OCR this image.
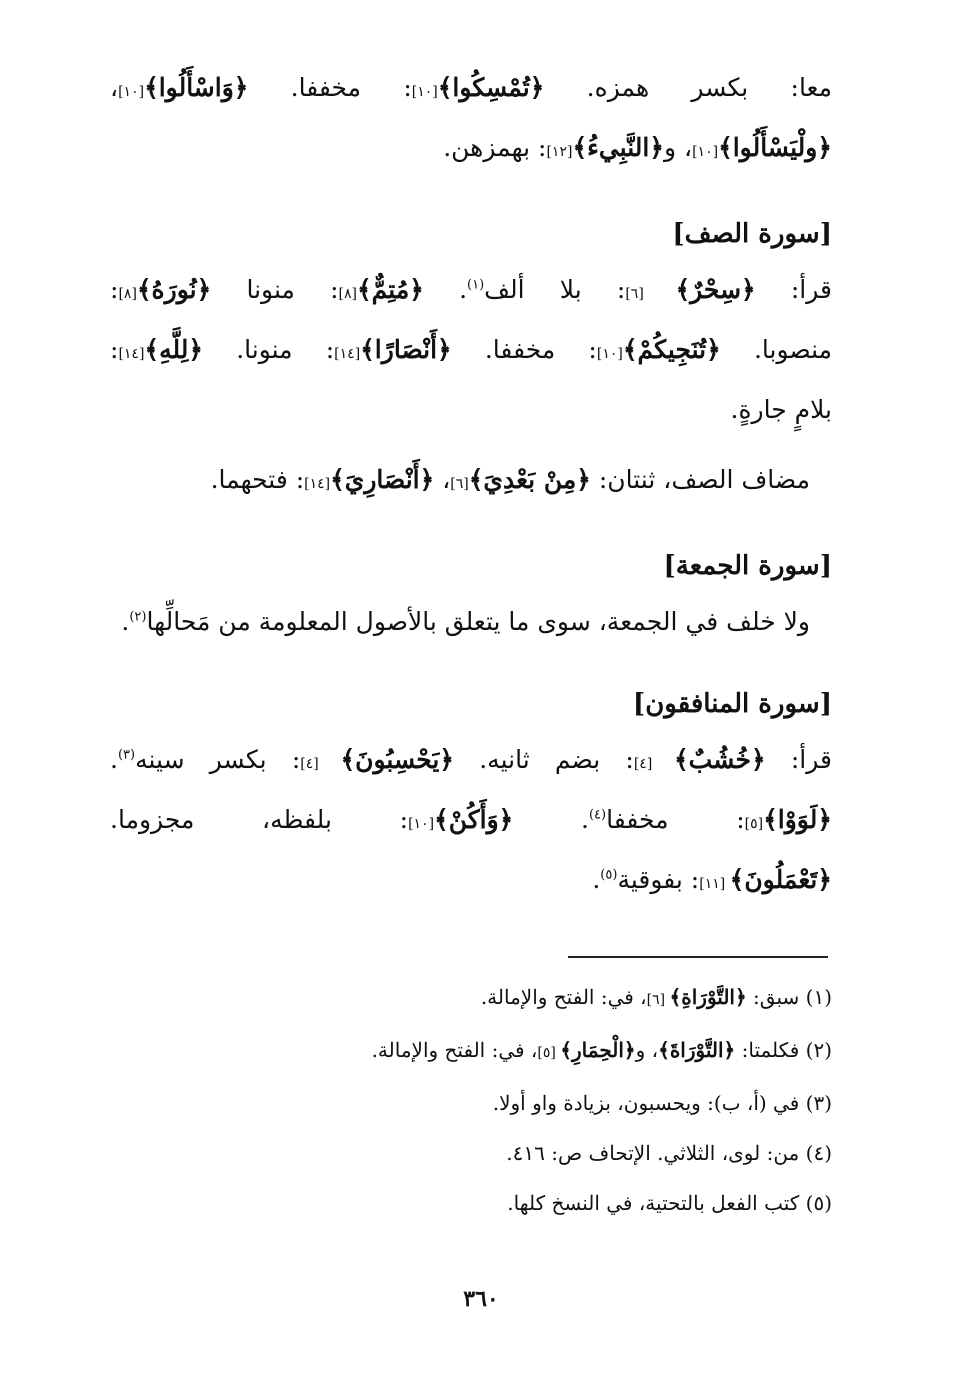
معا: بكسر همزه. ﴿تُمْسِكُوا﴾[١٠]: مخففا. ﴿وَاسْأَلُوا﴾[١٠]،
﴿ولْيَسْأَلُوا﴾[١٠]، و﴿النَّبِيءُ﴾[١٢]: بهمزهن.
[سورة الصف]
قرأ: ﴿سِحْرٌ﴾ [٦]: بلا ألف$^{(١)}$. ﴿مُتِمٌّ﴾[٨]: منونا ﴿نُورَهُ﴾[٨]:
منصوبا. ﴿تُنَجِيكُمْ﴾[١٠]: مخففا. ﴿أَنْصَارًا﴾[١٤]: منونا. ﴿لِلَّهِ﴾[١٤]:
بلامٍ جارةٍ.
مضاف الصف، ثنتان: ﴿مِنْ بَعْدِيَ﴾[٦]، ﴿أَنْصَارِيَ﴾[١٤]: فتحهما.
[سورة الجمعة]
ولا خلف في الجمعة، سوى ما يتعلق بالأصول المعلومة من مَحالِّها$^{(٢)}$.
[سورة المنافقون]
قرأ: ﴿خُشُبٌ﴾ [٤]: بضم ثانيه. ﴿يَحْسِبُونَ﴾ [٤]: بكسر سينه$^{(٣)}$.
﴿لَوَوْا﴾[٥]: مخففا$^{(٤)}$. ﴿وَأَكُنْ﴾[١٠]: بلفظه، مجزوما.
﴿تَعْمَلُونَ﴾ [١١]: بفوقية$^{(٥)}$.
(١) سبق: ﴿التَّوْرَاةِ﴾ [٦]، في: الفتح والإمالة.
(٢) فكلمتا: ﴿التَّوْرَاةَ﴾، و﴿الْحِمَارِ﴾ [٥]، في: الفتح والإمالة.
(٣) في (أ، ب): ويحسبون، بزيادة واو أولا.
(٤) من: لوى، الثلاثي. الإتحاف ص: ٤١٦.
(٥) كتب الفعل بالتحتية، في النسخ كلها.
٣٦٠
